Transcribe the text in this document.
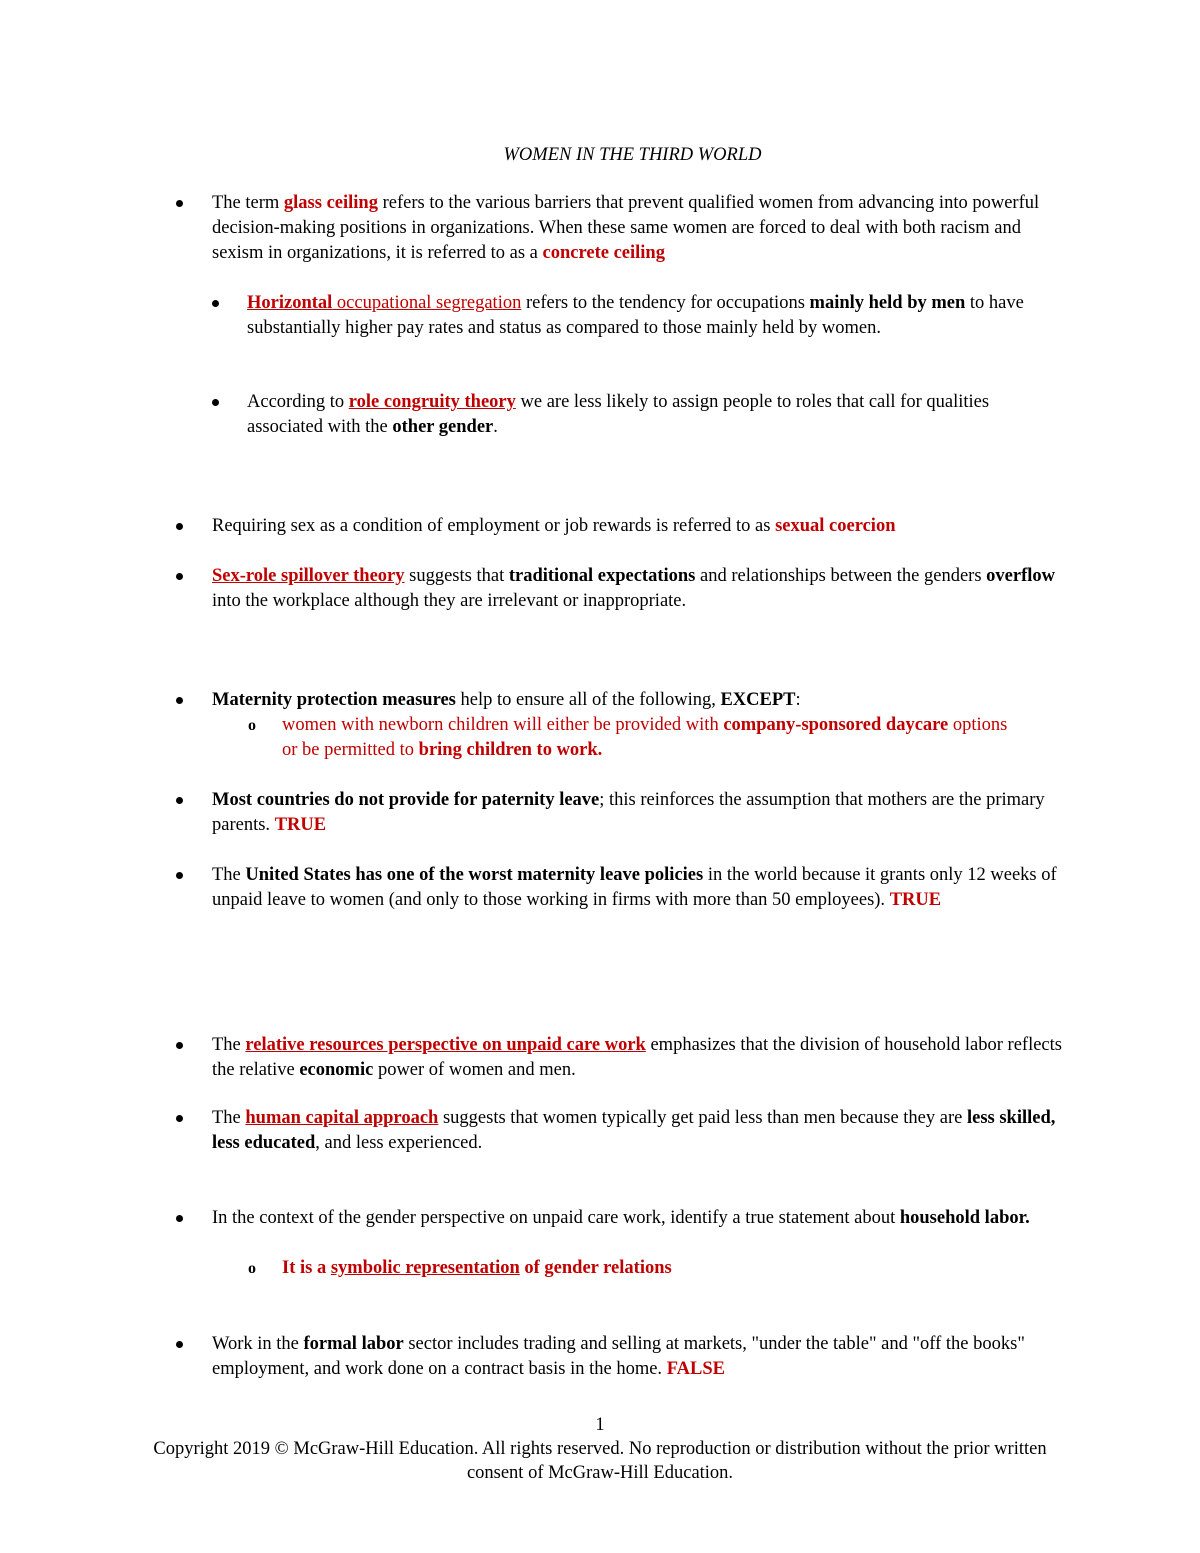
WOMEN IN THE THIRD WORLD
The term glass ceiling refers to the various barriers that prevent qualified women from advancing into powerful decision-making positions in organizations. When these same women are forced to deal with both racism and sexism in organizations, it is referred to as a concrete ceiling
Horizontal occupational segregation refers to the tendency for occupations mainly held by men to have substantially higher pay rates and status as compared to those mainly held by women.
According to role congruity theory we are less likely to assign people to roles that call for qualities associated with the other gender.
Requiring sex as a condition of employment or job rewards is referred to as sexual coercion
Sex-role spillover theory suggests that traditional expectations and relationships between the genders overflow into the workplace although they are irrelevant or inappropriate.
Maternity protection measures help to ensure all of the following, EXCEPT:
o women with newborn children will either be provided with company-sponsored daycare options or be permitted to bring children to work.
Most countries do not provide for paternity leave; this reinforces the assumption that mothers are the primary parents. TRUE
The United States has one of the worst maternity leave policies in the world because it grants only 12 weeks of unpaid leave to women (and only to those working in firms with more than 50 employees). TRUE
The relative resources perspective on unpaid care work emphasizes that the division of household labor reflects the relative economic power of women and men.
The human capital approach suggests that women typically get paid less than men because they are less skilled, less educated, and less experienced.
In the context of the gender perspective on unpaid care work, identify a true statement about household labor.
o It is a symbolic representation of gender relations
Work in the formal labor sector includes trading and selling at markets, "under the table" and "off the books" employment, and work done on a contract basis in the home. FALSE
1
Copyright 2019 © McGraw-Hill Education. All rights reserved. No reproduction or distribution without the prior written consent of McGraw-Hill Education.
